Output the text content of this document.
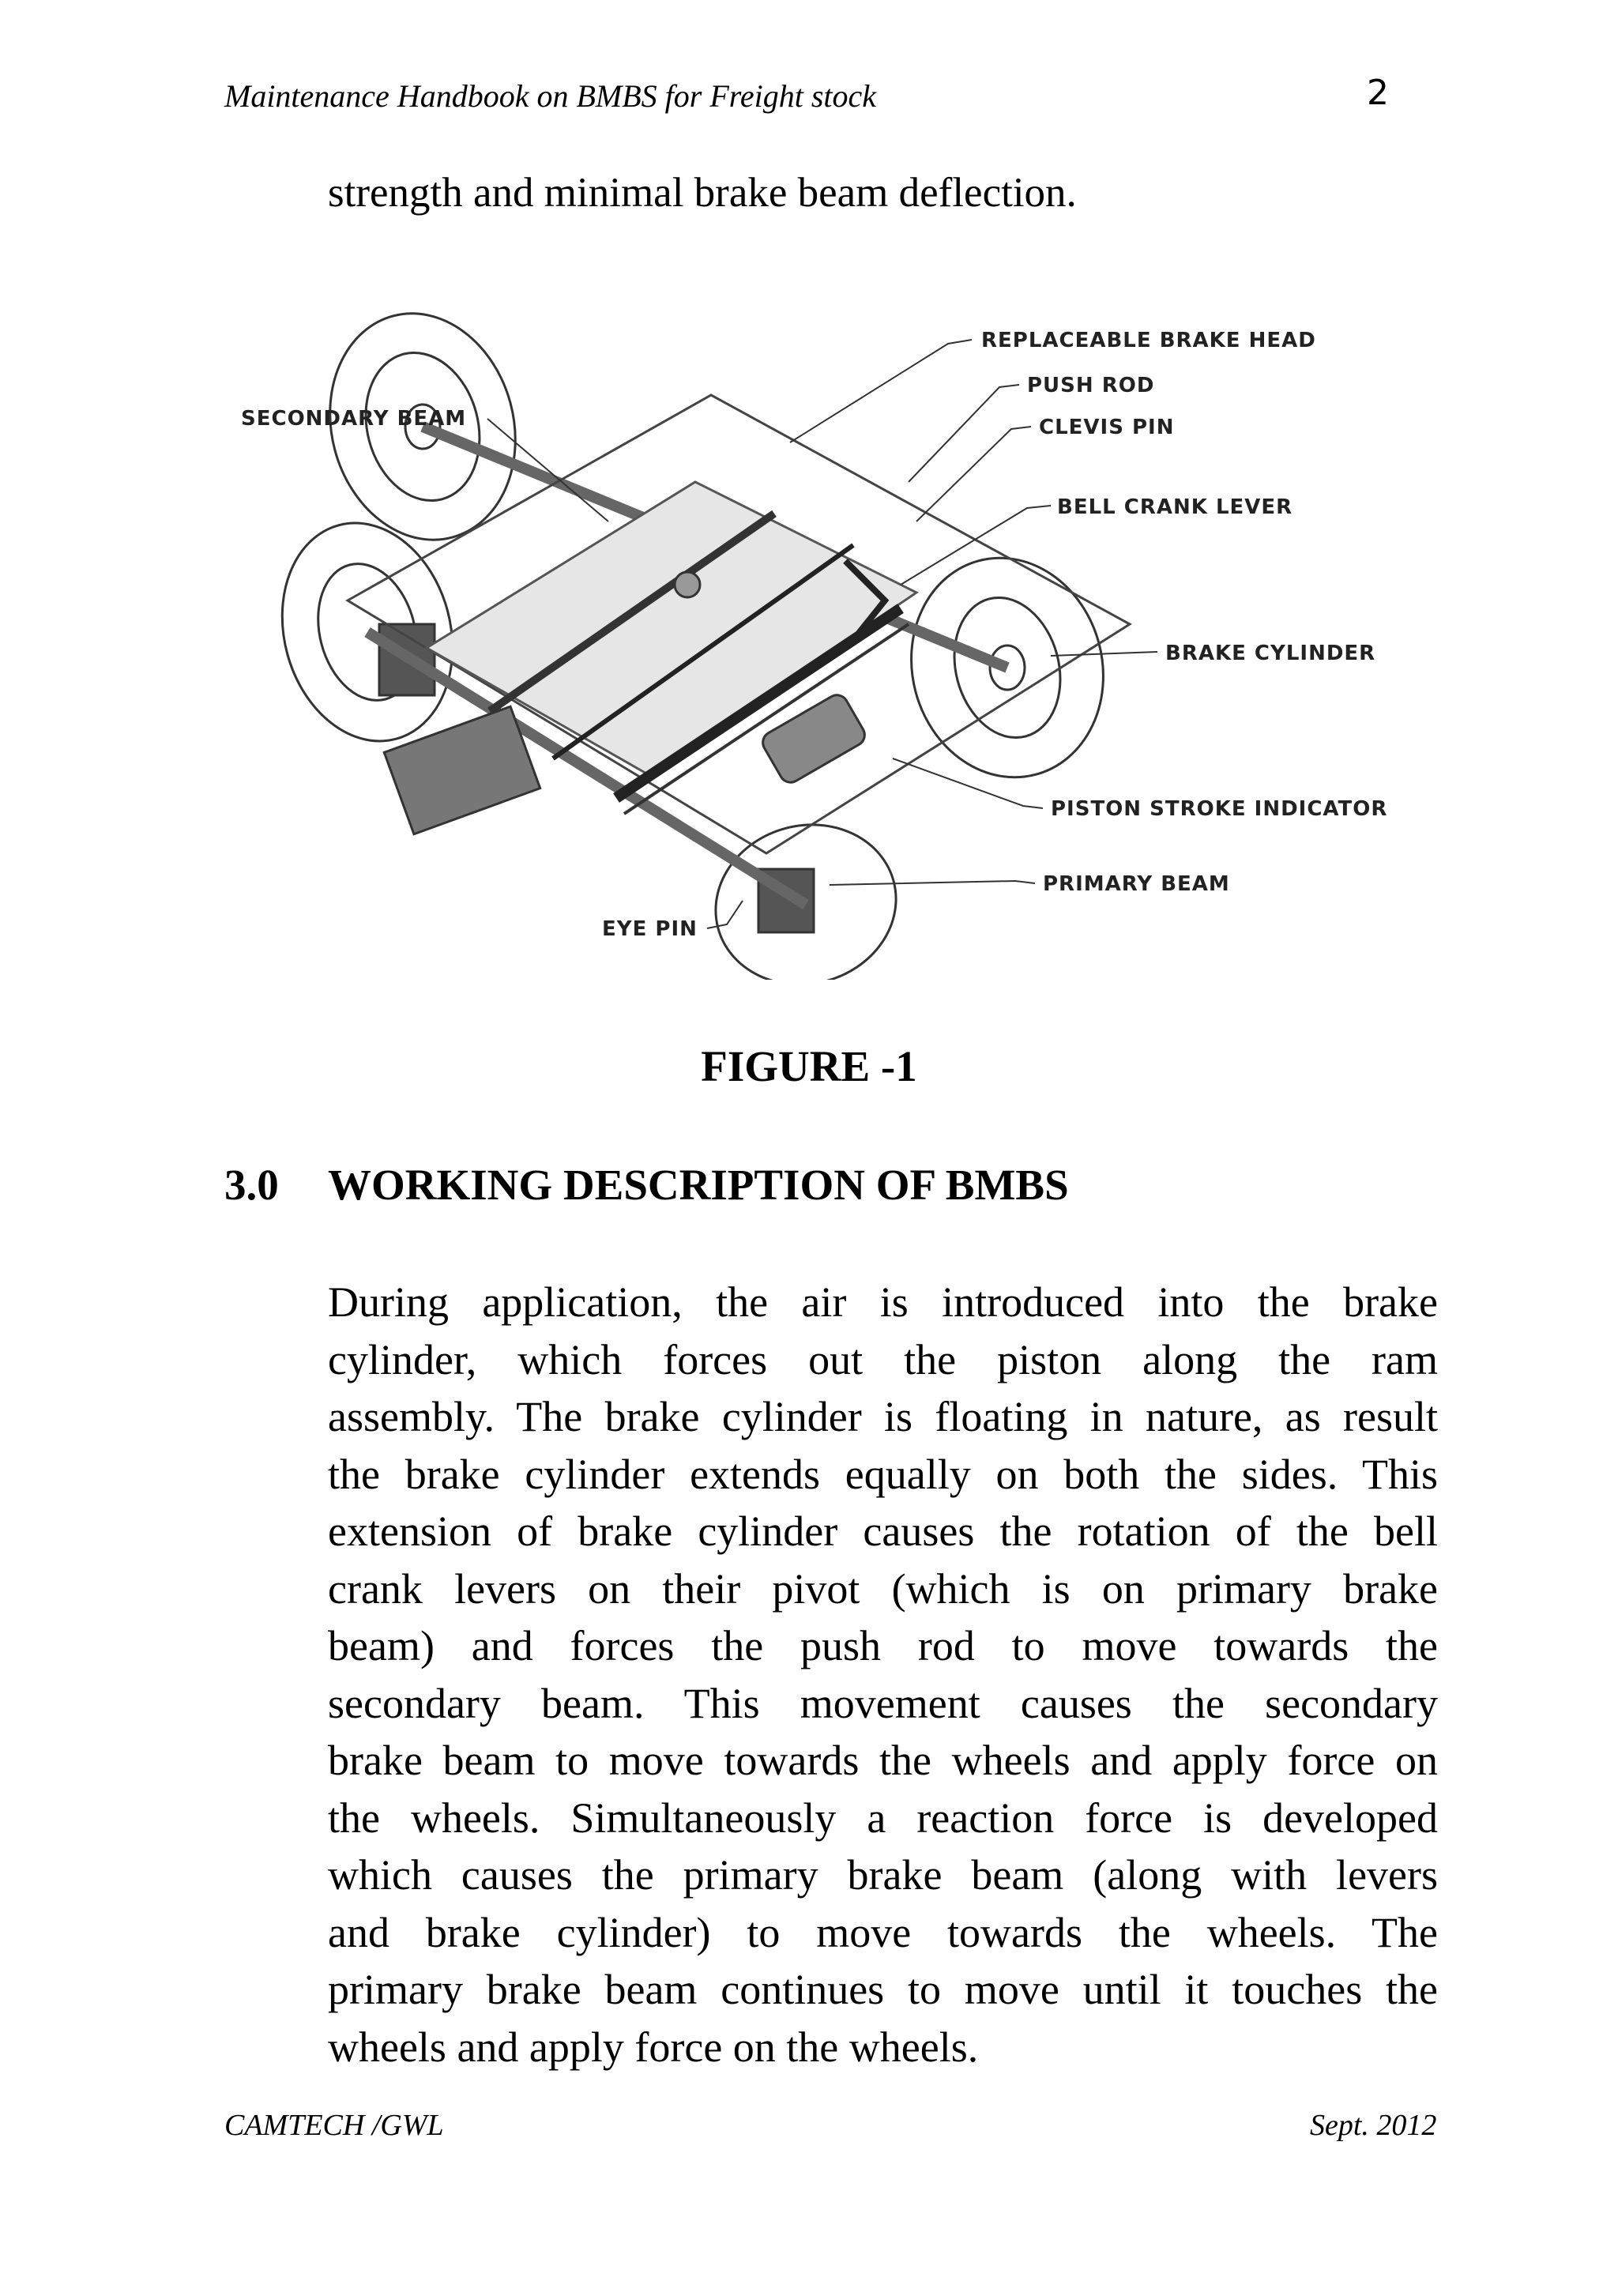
Maintenance Handbook on BMBS for Freight stock	2
strength and minimal brake beam deflection.
REPLACEABLE BRAKE HEAD
PUSH ROD
CLEVIS PIN
BELL CRANK LEVER
SECONDARY BEAM
BRAKE CYLINDER
PISTON STROKE INDICATOR
PRIMARY BEAM
EYE PIN
FIGURE -1
3.0 WORKING DESCRIPTION OF BMBS
During application, the air is introduced into the brake
cylinder, which forces out the piston along the ram
assembly. The brake cylinder is floating in nature, as result
the brake cylinder extends equally on both the sides. This
extension of brake cylinder causes the rotation of the bell
crank levers on their pivot (which is on primary brake
beam) and forces the push rod to move towards the
secondary beam. This movement causes the secondary
brake beam to move towards the wheels and apply force on
the wheels. Simultaneously a reaction force is developed
which causes the primary brake beam (along with levers
and brake cylinder) to move towards the wheels. The
primary brake beam continues to move until it touches the
wheels and apply force on the wheels.
CAMTECH /GWL	Sept. 2012
